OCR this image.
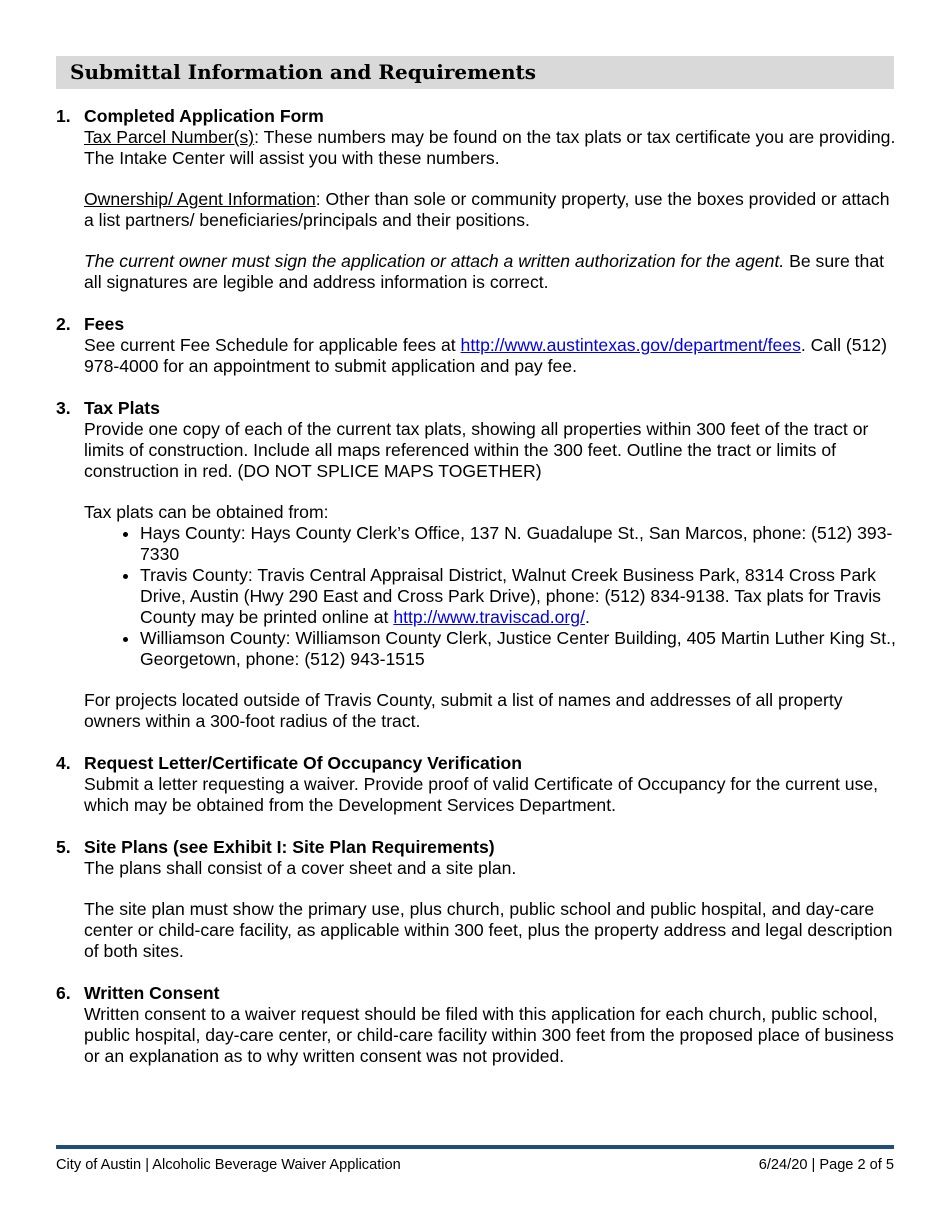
Submittal Information and Requirements
1. Completed Application Form

Tax Parcel Number(s): These numbers may be found on the tax plats or tax certificate you are providing. The Intake Center will assist you with these numbers.

Ownership/ Agent Information: Other than sole or community property, use the boxes provided or attach a list partners/ beneficiaries/principals and their positions.

The current owner must sign the application or attach a written authorization for the agent. Be sure that all signatures are legible and address information is correct.

2. Fees

See current Fee Schedule for applicable fees at http://www.austintexas.gov/department/fees. Call (512) 978-4000 for an appointment to submit application and pay fee.

3. Tax Plats

Provide one copy of each of the current tax plats, showing all properties within 300 feet of the tract or limits of construction. Include all maps referenced within the 300 feet. Outline the tract or limits of construction in red. (DO NOT SPLICE MAPS TOGETHER)

Tax plats can be obtained from:

• Hays County: Hays County Clerk’s Office, 137 N. Guadalupe St., San Marcos, phone: (512) 393-7330
• Travis County: Travis Central Appraisal District, Walnut Creek Business Park, 8314 Cross Park Drive, Austin (Hwy 290 East and Cross Park Drive), phone: (512) 834-9138. Tax plats for Travis County may be printed online at http://www.traviscad.org/.
• Williamson County: Williamson County Clerk, Justice Center Building, 405 Martin Luther King St., Georgetown, phone: (512) 943-1515

For projects located outside of Travis County, submit a list of names and addresses of all property owners within a 300-foot radius of the tract.

4. Request Letter/Certificate Of Occupancy Verification

Submit a letter requesting a waiver. Provide proof of valid Certificate of Occupancy for the current use, which may be obtained from the Development Services Department.

5. Site Plans (see Exhibit I: Site Plan Requirements)

The plans shall consist of a cover sheet and a site plan.

The site plan must show the primary use, plus church, public school and public hospital, and day-care center or child-care facility, as applicable within 300 feet, plus the property address and legal description of both sites.

6. Written Consent

Written consent to a waiver request should be filed with this application for each church, public school, public hospital, day-care center, or child-care facility within 300 feet from the proposed place of business or an explanation as to why written consent was not provided.

City of Austin | Alcoholic Beverage Waiver Application	6/24/20 | Page 2 of 5
